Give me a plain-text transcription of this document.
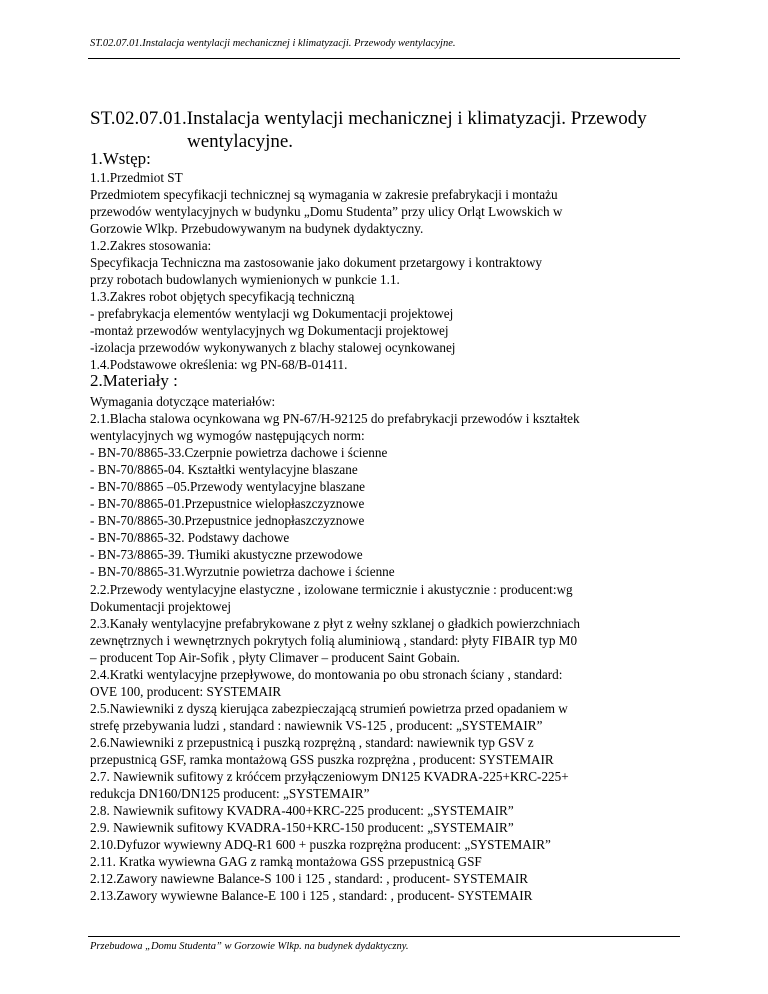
ST.02.07.01.Instalacja wentylacji mechanicznej i klimatyzacji. Przewody wentylacyjne.
ST.02.07.01.Instalacja wentylacji mechanicznej i klimatyzacji. Przewody
wentylacyjne.
1.Wstęp:
1.1.Przedmiot ST
Przedmiotem specyfikacji technicznej są wymagania w zakresie prefabrykacji i montażu
przewodów wentylacyjnych w budynku „Domu Studenta” przy ulicy Orląt Lwowskich w
Gorzowie Wlkp. Przebudowywanym na budynek dydaktyczny.
1.2.Zakres stosowania:
Specyfikacja Techniczna ma zastosowanie jako dokument przetargowy i kontraktowy
przy robotach budowlanych wymienionych w punkcie 1.1.
1.3.Zakres robot objętych specyfikacją techniczną
- prefabrykacja elementów wentylacji wg Dokumentacji projektowej
-montaż przewodów wentylacyjnych wg Dokumentacji projektowej
-izolacja przewodów wykonywanych z blachy stalowej ocynkowanej
1.4.Podstawowe określenia: wg PN-68/B-01411.
2.Materiały :
Wymagania dotyczące materiałów:
2.1.Blacha stalowa ocynkowana wg PN-67/H-92125 do prefabrykacji przewodów i kształtek
wentylacyjnych wg wymogów następujących norm:
- BN-70/8865-33.Czerpnie powietrza dachowe i ścienne
- BN-70/8865-04. Kształtki wentylacyjne blaszane
- BN-70/8865 –05.Przewody wentylacyjne blaszane
- BN-70/8865-01.Przepustnice wielopłaszczyznowe
- BN-70/8865-30.Przepustnice jednopłaszczyznowe
- BN-70/8865-32. Podstawy dachowe
- BN-73/8865-39. Tłumiki akustyczne przewodowe
- BN-70/8865-31.Wyrzutnie powietrza dachowe i ścienne
2.2.Przewody wentylacyjne elastyczne , izolowane termicznie i akustycznie : producent:wg
Dokumentacji projektowej
2.3.Kanały wentylacyjne prefabrykowane z płyt z wełny szklanej o gładkich powierzchniach
zewnętrznych i wewnętrznych pokrytych folią aluminiową , standard: płyty FIBAIR typ M0
– producent Top Air-Sofik , płyty Climaver – producent Saint Gobain.
2.4.Kratki wentylacyjne przepływowe, do montowania po obu stronach ściany , standard:
OVE 100, producent: SYSTEMAIR
2.5.Nawiewniki z dyszą kierująca zabezpieczającą strumień powietrza przed opadaniem w
strefę przebywania ludzi , standard : nawiewnik VS-125 , producent: „SYSTEMAIR”
2.6.Nawiewniki z przepustnicą i puszką rozprężną , standard: nawiewnik typ GSV z
przepustnicą GSF, ramka montażową GSS puszka rozprężna , producent: SYSTEMAIR
2.7. Nawiewnik sufitowy z króćcem przyłączeniowym DN125 KVADRA-225+KRC-225+
redukcja DN160/DN125 producent: „SYSTEMAIR”
2.8. Nawiewnik sufitowy KVADRA-400+KRC-225 producent: „SYSTEMAIR”
2.9. Nawiewnik sufitowy KVADRA-150+KRC-150 producent: „SYSTEMAIR”
2.10.Dyfuzor wywiewny ADQ-R1 600 + puszka rozprężna producent: „SYSTEMAIR”
2.11. Kratka wywiewna GAG z ramką montażowa GSS przepustnicą GSF
2.12.Zawory nawiewne Balance-S 100 i 125 , standard: , producent- SYSTEMAIR
2.13.Zawory wywiewne Balance-E 100 i 125 , standard: , producent- SYSTEMAIR
Przebudowa „Domu Studenta” w Gorzowie Wlkp. na budynek dydaktyczny.
